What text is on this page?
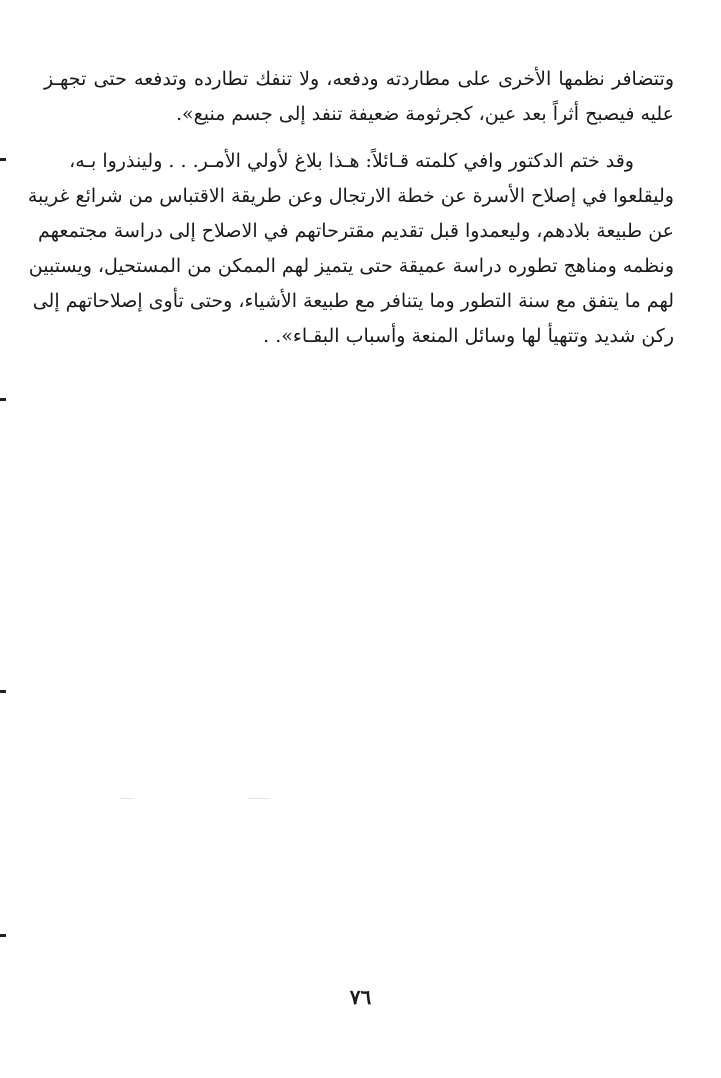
وتتضافر نظمها الأخرى على مطاردته ودفعه، ولا تنفك تطارده وتدفعه حتى تجهـز
عليه فيصبح أثراً بعد عين، كجرثومة ضعيفة تنفد إلى جسم منيع».

وقد ختم الدكتور وافي كلمته قـائلاً: هـذا بلاغ لأولي الأمـر. . . ولينذروا بـه،
وليقلعوا في إصلاح الأسرة عن خطة الارتجال وعن طريقة الاقتباس من شرائع غريبة
عن طبيعة بلادهم، وليعمدوا قبل تقديم مقترحاتهم في الاصلاح إلى دراسة مجتمعهم
ونظمه ومناهج تطوره دراسة عميقة حتى يتميز لهم الممكن من المستحيل، ويستبين
لهم ما يتفق مع سنة التطور وما يتنافر مع طبيعة الأشياء، وحتى تأوى إصلاحاتهم إلى
ركن شديد وتتهيأ لها وسائل المنعة وأسباب البقـاء». .

٧٦
